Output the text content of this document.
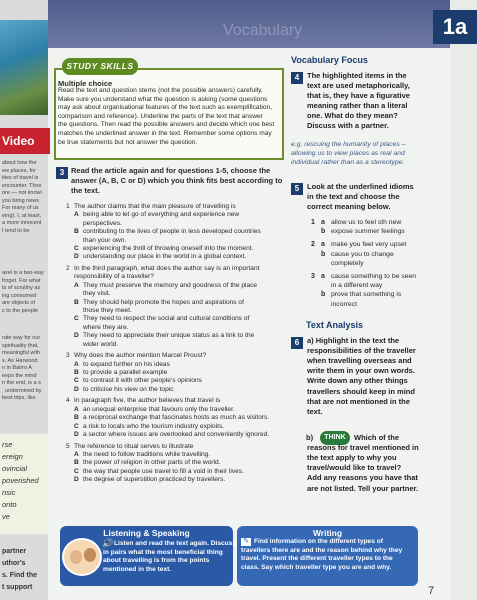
Video
about how the
ew places, for
ities of travel is
encounter. Thos
ore — not knowi
you bring news
For many of us
eing). I, at least,
a more innocent
I tend to be
avel is a two-way
forget. For what
ts of scrutiny as
ing consumed
are objects of
c to the people
rate way for our
spirituality that,
meaningful with
s. As Harwood
n in Bairro A
eeps the mind
n the end, is a s
, undermined by
best trips, like
rse
ereign
ovincial
poverished
nsic
onto
ve
partner
uthor's
s. Find the
t support
Vocabulary	1a
STUDY SKILLS
Multiple choice
Read the text and question stems (not the possible answers) carefully.
Make sure you understand what the question is asking (some questions
may ask about organisational features of the text such as exemplification,
comparison and reference). Underline the parts of the text that answer
the questions. Then read the possible answers and decide which one best
matches the underlined answer in the text. Remember some options may
be true statements but not answer the question.
3 Read the article again and for questions 1-5, choose the answer (A, B, C or D) which you think fits best according to the text.
1 The author claims that the main pleasure of travelling is
A being able to let go of everything and experience new
perspectives.
B contributing to the lives of people in less developed countries
than your own.
C experiencing the thrill of throwing oneself into the moment.
D understanding our place in the world in a global context.
2 In the third paragraph, what does the author say is an important
responsibility of a traveller?
A They must preserve the memory and goodness of the place
they visit.
B They should help promote the hopes and aspirations of
those they meet.
C They need to respect the social and cultural conditions of
where they are.
D They need to appreciate their unique status as a link to the
wider world.
3 Why does the author mention Marcel Proust?
A to expand further on his ideas
B to provide a parallel example
C to contrast it with other people's opinions
D to criticise his view on the topic
4 In paragraph five, the author believes that travel is
A an unequal enterprise that favours only the traveller.
B a reciprocal exchange that fascinates hosts as much as visitors.
C a risk to locals who the tourism industry exploits.
D a sector where issues are overlooked and conveniently ignored.
5 The reference to ritual serves to illustrate
A the need to follow traditions while travelling.
B the power of religion in other parts of the world.
C the way that people use travel to fill a void in their lives.
D the degree of superstition practiced by travellers.
Vocabulary Focus
4	The highlighted items in the
text are used metaphorically,
that is, they have a figurative
meaning rather than a literal
one. What do they mean?
Discuss with a partner.
e.g. rescuing the humanity of places –
allowing us to view places as real and
individual rather than as a stereotype.
5	Look at the underlined idioms
in the text and choose the
correct meaning below.
1 a allow us to feel sth new
b expose summer feelings
2 a make you feel very upset
b cause you to change
completely
3 a cause something to be seen
in a different way
b prove that something is
incorrect
Text Analysis
6	a) Highlight in the text the
responsibilities of the traveller
when travelling overseas and
write them in your own words.
Write down any other things
travellers should keep in mind
that are not mentioned in the
text.
b)	THINK	Which of the
reasons for travel mentioned in
the text apply to why you
travel/would like to travel?
Add any reasons you have that
are not listed. Tell your partner.
Listening & Speaking
🔊 Listen and read the text again. Discuss
in pairs what the most beneficial thing
about travelling is from the points
mentioned in the text.
Writing
✎ Find information on the different types of
travellers there are and the reason behind why they
travel. Present the different traveller types to the
class. Say which traveller type you are and why.
7
